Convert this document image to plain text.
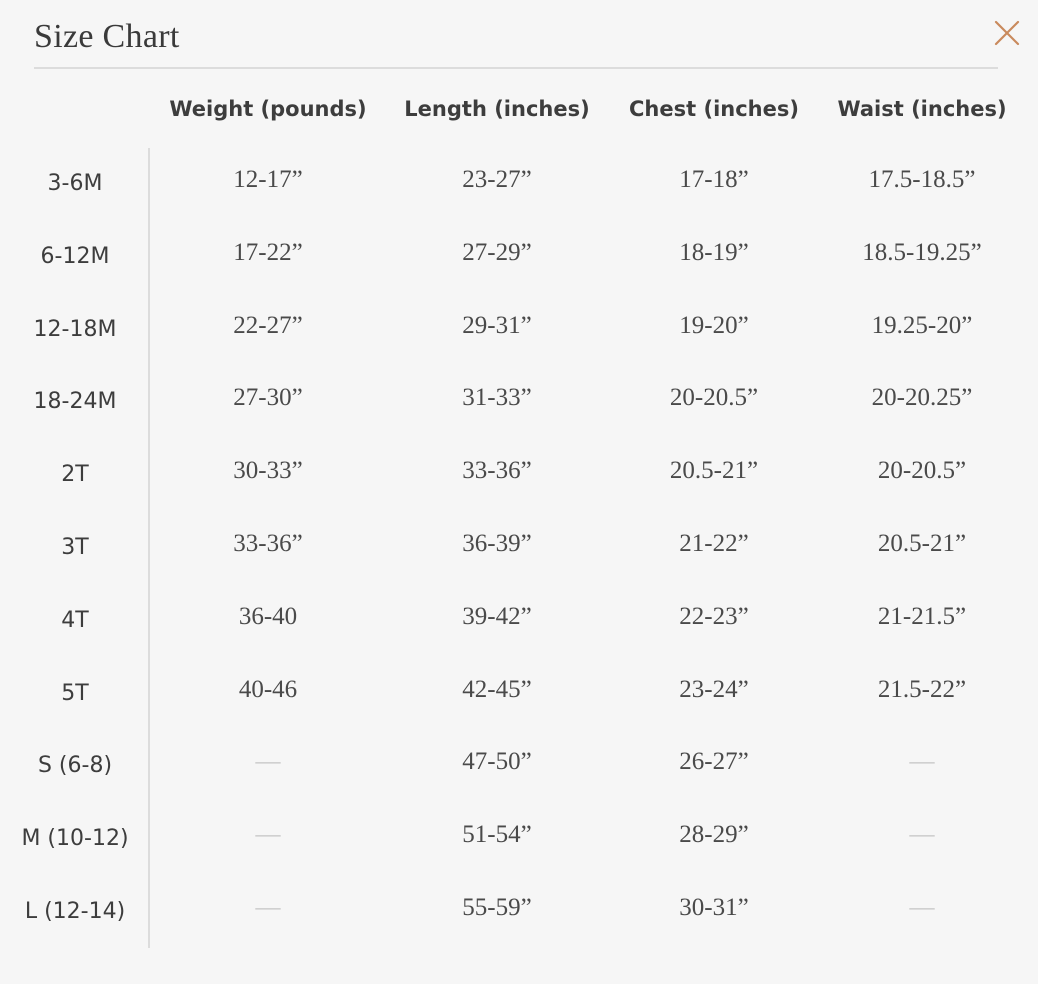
Size Chart
Weight (pounds)	Length (inches)	Chest (inches)	Waist (inches)
3-6M	12-17”	23-27”	17-18”	17.5-18.5”
6-12M	17-22”	27-29”	18-19”	18.5-19.25”
12-18M	22-27”	29-31”	19-20”	19.25-20”
18-24M	27-30”	31-33”	20-20.5”	20-20.25”
2T	30-33”	33-36”	20.5-21”	20-20.5”
3T	33-36”	36-39”	21-22”	20.5-21”
4T	36-40	39-42”	22-23”	21-21.5”
5T	40-46	42-45”	23-24”	21.5-22”
S (6-8)	—	47-50”	26-27”	—
M (10-12)	—	51-54”	28-29”	—
L (12-14)	—	55-59”	30-31”	—
